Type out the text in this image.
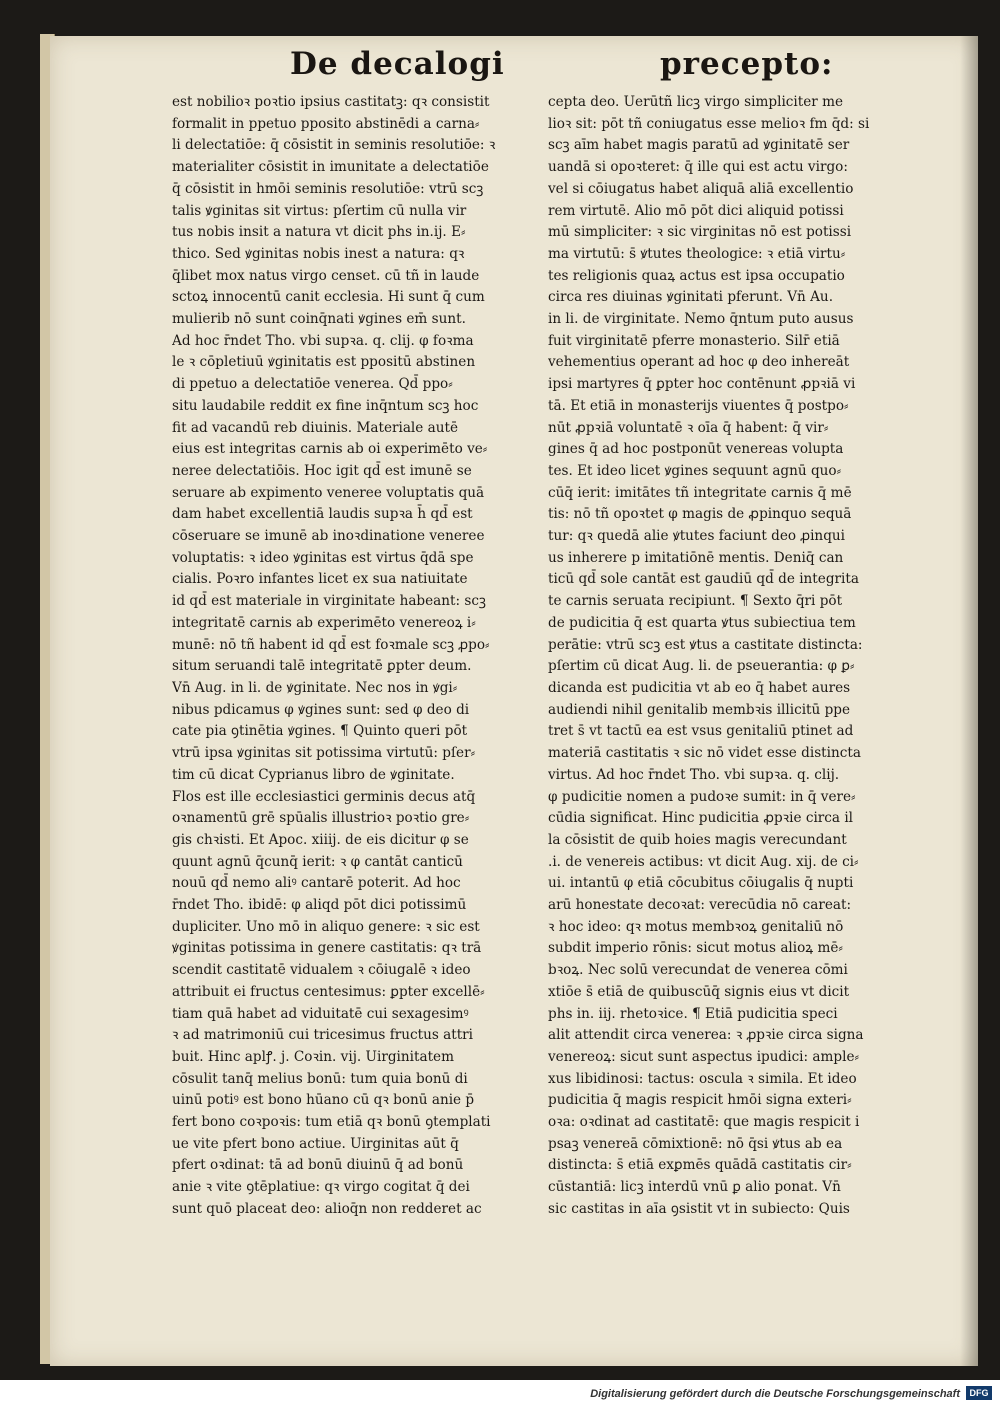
De decalogi	precepto:
est nobilioꝛ poꝛtio ipsius castitatꝫ: qꝛ consistit
formalit in ppetuo pposito abstinēdi a carna⸗
li delectatiōe: q̄ cōsistit in seminis resolutiōe: ꝛ
materialiter cōsistit in imunitate a delectatiōe
q̄ cōsistit in hmōi seminis resolutiōe: vtrū scꝫ
talis ꝟginitas sit virtus: pſertim cū nulla vir
tus nobis insit a natura vt dicit phs in.ij. E⸗
thico. Sed ꝟginitas nobis inest a natura: qꝛ
q̄libet mox natus virgo censet. cū tñ in laude
sctoꝝ innocentū canit ecclesia. Hi sunt q̄ cum
mulierib nō sunt coinq̄nati ꝟgines em̄ sunt.
Ad hoc r̄ndet Tho. vbi supꝛa. q. clij. φ foꝛma
le ꝛ cōpletiuū ꝟginitatis est ppositū abstinen
di ppetuo a delectatiōe venerea. Qd̄ ppo⸗
situ laudabile reddit ex fine inq̄ntum scꝫ hoc
fit ad vacandū reb diuinis. Materiale autē
eius est integritas carnis ab oi experimēto ve⸗
neree delectatiōis. Hoc igit qd̄ est imunē se
seruare ab expimento veneree voluptatis quā
dam habet excellentiā laudis supꝛa h̄ qd̄ est
cōseruare se imunē ab inoꝛdinatione veneree
voluptatis: ꝛ ideo ꝟginitas est virtus q̄dā spe
cialis. Poꝛro infantes licet ex sua natiuitate
id qd̄ est materiale in virginitate habeant: scꝫ
integritatē carnis ab experimēto venereoꝝ i⸗
munē: nō tñ habent id qd̄ est foꝛmale scꝫ ꝓpo⸗
situm seruandi talē integritatē ꝑpter deum.
Vn̄ Aug. in li. de ꝟginitate. Nec nos in ꝟgi⸗
nibus pdicamus φ ꝟgines sunt: sed φ deo di
cate pia ꝯtinētia ꝟgines. ¶ Quinto queri pōt
vtrū ipsa ꝟginitas sit potissima virtutū: pſer⸗
tim cū dicat Cyprianus libro de ꝟginitate.
Flos est ille ecclesiastici germinis decus atq̄
oꝛnamentū grē spūalis illustrioꝛ poꝛtio gre⸗
gis chꝛisti. Et Apoc. xiiij. de eis dicitur φ se
quunt agnū q̄cunq̄ ierit: ꝛ φ cantāt canticū
nouū qd̄ nemo aliꝰ cantarē poterit. Ad hoc
r̄ndet Tho. ibidē: φ aliqd pōt dici potissimū
dupliciter. Uno mō in aliquo genere: ꝛ sic est
ꝟginitas potissima in genere castitatis: qꝛ trā
scendit castitatē vidualem ꝛ cōiugalē ꝛ ideo
attribuit ei fructus centesimus: ꝑpter excellē⸗
tiam quā habet ad viduitatē cui sexagesimꝰ
ꝛ ad matrimoniū cui tricesimus fructus attri
buit. Hinc aplꝭ. j. Coꝛin. vij. Uirginitatem
cōsulit tanq̄ melius bonū: tum quia bonū di
uinū potiꝰ est bono hūano cū qꝛ bonū anie p̄
fert bono coꝛpoꝛis: tum etiā qꝛ bonū ꝯtemplati
ue vite pfert bono actiue. Uirginitas aūt q̄
pfert oꝛdinat: tā ad bonū diuinū q̄ ad bonū
anie ꝛ vite ꝯtēplatiue: qꝛ virgo cogitat q̄ dei
sunt quō placeat deo: alioq̄n non redderet ac
cepta deo. Uerūtñ licꝫ virgo simpliciter me
lioꝛ sit: pōt tñ coniugatus esse melioꝛ fm q̄d: si
scꝫ aīm habet magis paratū ad ꝟginitatē ser
uandā si opoꝛteret: q̄ ille qui est actu virgo:
vel si cōiugatus habet aliquā aliā excellentio
rem virtutē. Alio mō pōt dici aliquid potissi
mū simpliciter: ꝛ sic virginitas nō est potissi
ma virtutū: s̄ ꝟtutes theologice: ꝛ etiā virtu⸗
tes religionis quaꝝ actus est ipsa occupatio
circa res diuinas ꝟginitati pferunt. Vn̄ Au.
in li. de virginitate. Nemo q̄ntum puto ausus
fuit virginitatē pferre monasterio. Silr̄ etiā
vehementius operant ad hoc φ deo inhereāt
ipsi martyres q̄ ꝑpter hoc contēnunt ꝓpꝛiā vi
tā. Et etiā in monasterijs viuentes q̄ postpo⸗
nūt ꝓpꝛiā voluntatē ꝛ oīa q̄ habent: q̄ vir⸗
gines q̄ ad hoc postponūt venereas volupta
tes. Et ideo licet ꝟgines sequunt agnū quo⸗
cūq̄ ierit: imitātes tñ integritate carnis q̄ mē
tis: nō tñ opoꝛtet φ magis de ꝓpinquo sequā
tur: qꝛ quedā alie ꝟtutes faciunt deo ꝓinqui
us inherere p imitatiōnē mentis. Deniq̄ can
ticū qd̄ sole cantāt est gaudiū qd̄ de integrita
te carnis seruata recipiunt. ¶ Sexto q̄ri pōt
de pudicitia q̄ est quarta ꝟtus subiectiua tem
perātie: vtrū scꝫ est ꝟtus a castitate distincta:
pſertim cū dicat Aug. li. de pseuerantia: φ ꝑ⸗
dicanda est pudicitia vt ab eo q̄ habet aures
audiendi nihil genitalib membꝛis illicitū ppe
tret s̄ vt tactū ea est vsus genitaliū ptinet ad
materiā castitatis ꝛ sic nō videt esse distincta
virtus. Ad hoc r̄ndet Tho. vbi supꝛa. q. clij.
φ pudicitie nomen a pudoꝛe sumit: in q̄ vere⸗
cūdia significat. Hinc pudicitia ꝓpꝛie circa il
la cōsistit de quib hoies magis verecundant
.i. de venereis actibus: vt dicit Aug. xij. de ci⸗
ui. intantū φ etiā cōcubitus cōiugalis q̄ nupti
arū honestate decoꝛat: verecūdia nō careat:
ꝛ hoc ideo: qꝛ motus membꝛoꝝ genitaliū nō
subdit imperio rōnis: sicut motus alioꝝ mē⸗
bꝛoꝝ. Nec solū verecundat de venerea cōmi
xtiōe s̄ etiā de quibuscūq̄ signis eius vt dicit
phs in. iij. rhetoꝛice. ¶ Etiā pudicitia speci
alit attendit circa venerea: ꝛ ꝓpꝛie circa signa
venereoꝝ: sicut sunt aspectus ipudici: ample⸗
xus libidinosi: tactus: oscula ꝛ simila. Et ideo
pudicitia q̄ magis respicit hmōi signa exteri⸗
oꝛa: oꝛdinat ad castitatē: que magis respicit i
psaꝫ venereā cōmixtionē: nō q̄si ꝟtus ab ea
distincta: s̄ etiā exꝑmēs quādā castitatis cir⸗
cūstantiā: licꝫ interdū vnū ꝑ alio ponat. Vn̄
sic castitas in aīa ꝯsistit vt in subiecto: Quis
Digitalisierung gefördert durch die Deutsche Forschungsgemeinschaft	DFG
